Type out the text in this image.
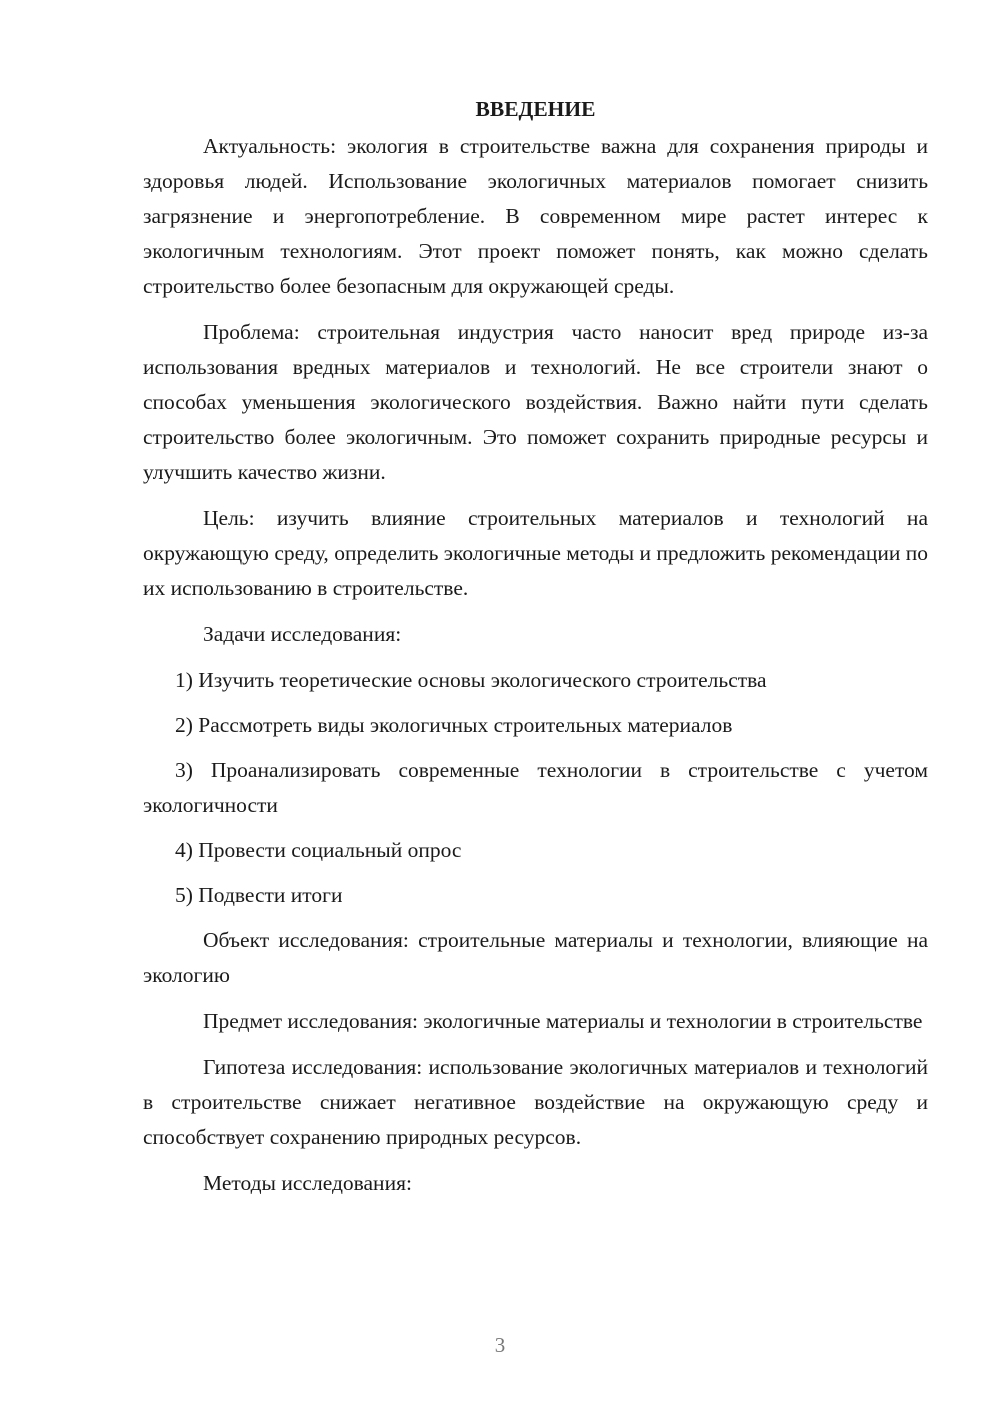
ВВЕДЕНИЕ

Актуальность: экология в строительстве важна для сохранения природы и здоровья людей. Использование экологичных материалов помогает снизить загрязнение и энергопотребление. В современном мире растет интерес к экологичным технологиям. Этот проект поможет понять, как можно сделать строительство более безопасным для окружающей среды.

Проблема: строительная индустрия часто наносит вред природе из-за использования вредных материалов и технологий. Не все строители знают о способах уменьшения экологического воздействия. Важно найти пути сделать строительство более экологичным. Это поможет сохранить природные ресурсы и улучшить качество жизни.

Цель: изучить влияние строительных материалов и технологий на окружающую среду, определить экологичные методы и предложить рекомендации по их использованию в строительстве.

Задачи исследования:

1) Изучить теоретические основы экологического строительства

2) Рассмотреть виды экологичных строительных материалов

3) Проанализировать современные технологии в строительстве с учетом экологичности

4) Провести социальный опрос

5) Подвести итоги

Объект исследования: строительные материалы и технологии, влияющие на экологию

Предмет исследования: экологичные материалы и технологии в строительстве

Гипотеза исследования: использование экологичных материалов и технологий в строительстве снижает негативное воздействие на окружающую среду и способствует сохранению природных ресурсов.

Методы исследования:

3
